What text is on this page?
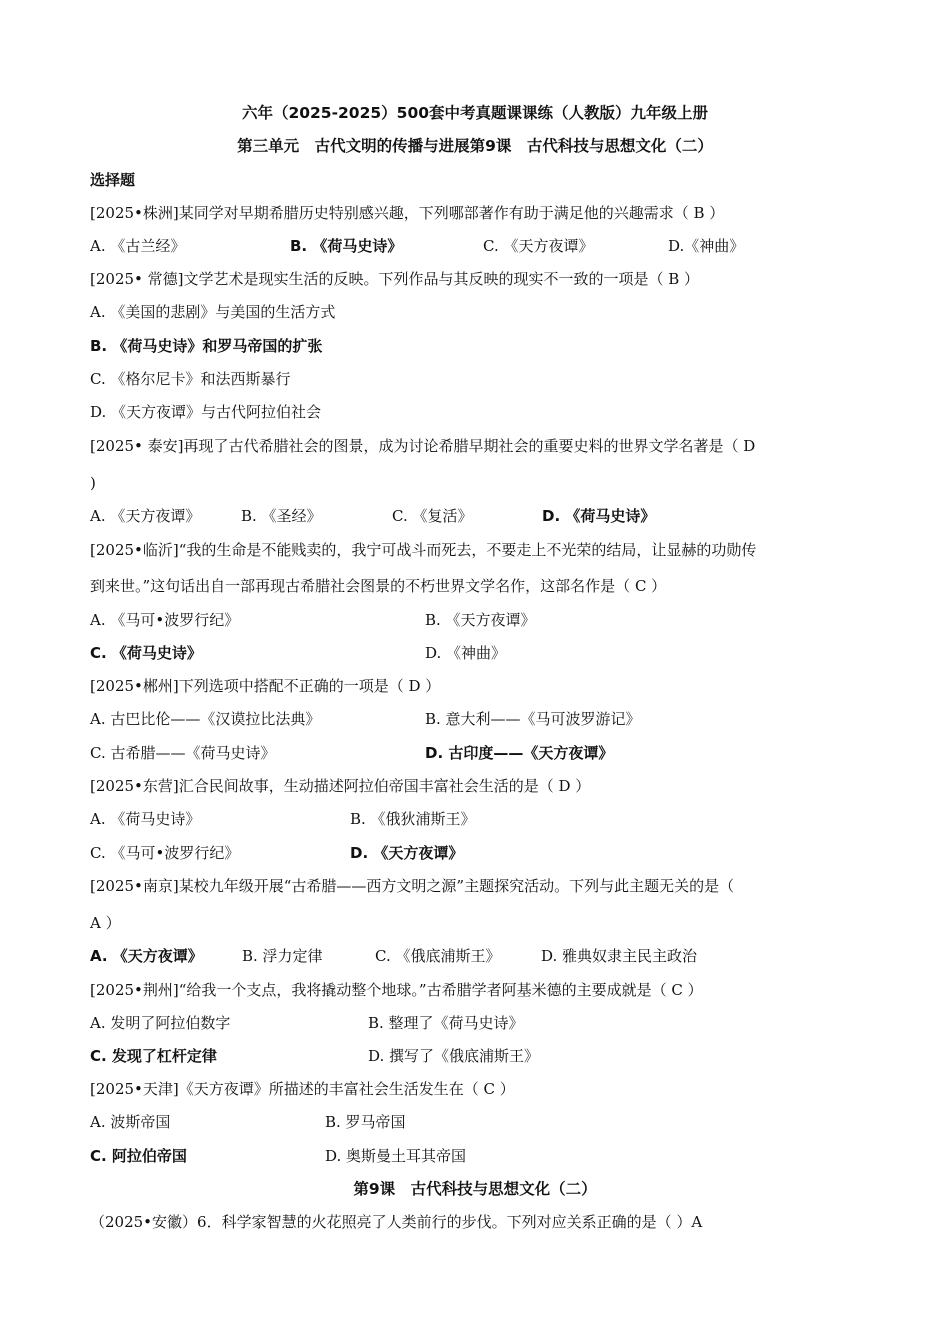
六年（2025-2025）500套中考真题课课练（人教版）九年级上册
第三单元　古代文明的传播与进展第9课　古代科技与思想文化（二）
选择题
[2025•株洲]某同学对早期希腊历史特别感兴趣，下列哪部著作有助于满足他的兴趣需求（ B ）
A. 《古兰经》	B. 《荷马史诗》	C. 《天方夜谭》	D.《神曲》
[2025• 常德]文学艺术是现实生活的反映。下列作品与其反映的现实不一致的一项是（ B ）
A. 《美国的悲剧》与美国的生活方式
B. 《荷马史诗》和罗马帝国的扩张
C. 《格尔尼卡》和法西斯暴行
D. 《天方夜谭》与古代阿拉伯社会
[2025• 泰安]再现了古代希腊社会的图景，成为讨论希腊早期社会的重要史料的世界文学名著是（ D
)
A. 《天方夜谭》	B. 《圣经》	C. 《复活》	D. 《荷马史诗》
[2025•临沂]“我的生命是不能贱卖的，我宁可战斗而死去，不要走上不光荣的结局，让显赫的功勋传
到来世。”这句话出自一部再现古希腊社会图景的不朽世界文学名作，这部名作是（ C ）
A. 《马可•波罗行纪》	B. 《天方夜谭》
C. 《荷马史诗》	D. 《神曲》
[2025•郴州]下列选项中搭配不正确的一项是（ D ）
A. 古巴比伦——《汉谟拉比法典》	B. 意大利——《马可波罗游记》
C. 古希腊——《荷马史诗》	D. 古印度——《天方夜谭》
[2025•东营]汇合民间故事，生动描述阿拉伯帝国丰富社会生活的是（ D ）
A. 《荷马史诗》	B. 《俄狄浦斯王》
C. 《马可•波罗行纪》	D. 《天方夜谭》
[2025•南京]某校九年级开展“古希腊——西方文明之源”主题探究活动。下列与此主题无关的是（
A ）
A. 《天方夜谭》	B. 浮力定律	C. 《俄底浦斯王》	D. 雅典奴隶主民主政治
[2025•荆州]“给我一个支点，我将撬动整个地球。”古希腊学者阿基米德的主要成就是（ C ）
A. 发明了阿拉伯数字	B. 整理了《荷马史诗》
C. 发现了杠杆定律	D. 撰写了《俄底浦斯王》
[2025•天津]《天方夜谭》所描述的丰富社会生活发生在（ C ）
A. 波斯帝国	B. 罗马帝国
C. 阿拉伯帝国	D. 奥斯曼土耳其帝国
第9课　古代科技与思想文化（二）
（2025•安徽）6．科学家智慧的火花照亮了人类前行的步伐。下列对应关系正确的是（ ）A
